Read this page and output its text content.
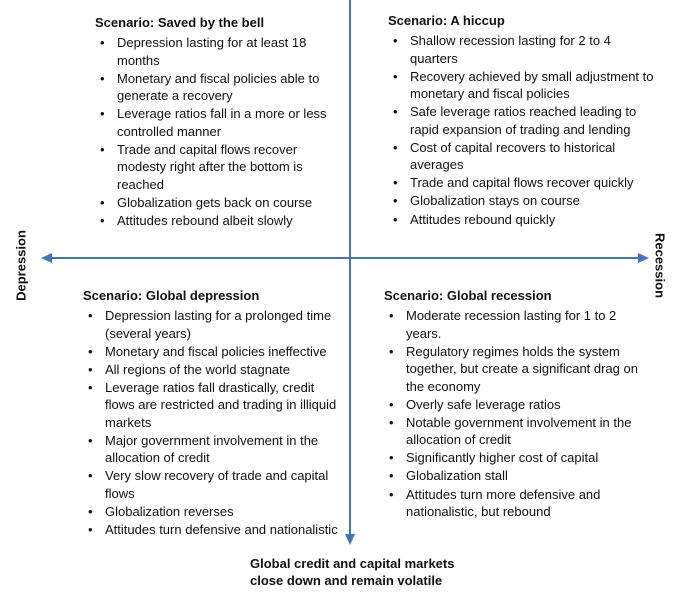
Depression	Recession
Global credit and capital markets
close down and remain volatile
Scenario: Saved by the bell
• Depression lasting for at least 18 months
• Monetary and fiscal policies able to generate a recovery
• Leverage ratios fall in a more or less controlled manner
• Trade and capital flows recover modesty right after the bottom is reached
• Globalization gets back on course
• Attitudes rebound albeit slowly
Scenario: A hiccup
• Shallow recession lasting for 2 to 4 quarters
• Recovery achieved by small adjustment to monetary and fiscal policies
• Safe leverage ratios reached leading to rapid expansion of trading and lending
• Cost of capital recovers to historical averages
• Trade and capital flows recover quickly
• Globalization stays on course
• Attitudes rebound quickly
Scenario: Global depression
• Depression lasting for a prolonged time (several years)
• Monetary and fiscal policies ineffective
• All regions of the world stagnate
• Leverage ratios fall drastically, credit flows are restricted and trading in illiquid markets
• Major government involvement in the allocation of credit
• Very slow recovery of trade and capital flows
• Globalization reverses
• Attitudes turn defensive and nationalistic
Scenario: Global recession
• Moderate recession lasting for 1 to 2 years.
• Regulatory regimes holds the system together, but create a significant drag on the economy
• Overly safe leverage ratios
• Notable government involvement in the allocation of credit
• Significantly higher cost of capital
• Globalization stall
• Attitudes turn more defensive and nationalistic, but rebound
